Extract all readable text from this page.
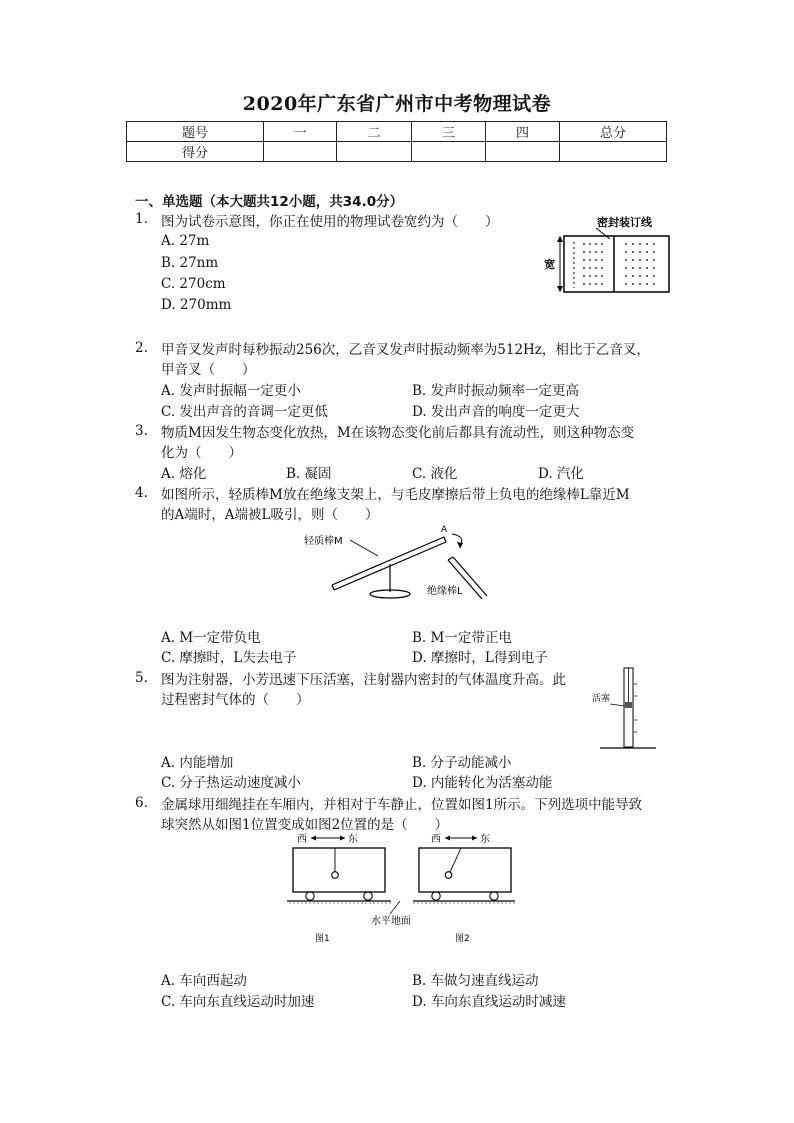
2020年广东省广州市中考物理试卷
题号	一	二	三	四	总分
得分					
一、单选题（本大题共12小题，共34.0分）
1. 图为试卷示意图，你正在使用的物理试卷宽约为（　　）
A. 27m
B. 27nm
C. 270cm
D. 270mm
密封装订线
宽
2. 甲音叉发声时每秒振动256次，乙音叉发声时振动频率为512Hz，相比于乙音叉，
甲音叉（　　）
A. 发声时振幅一定更小	B. 发声时振动频率一定更高
C. 发出声音的音调一定更低	D. 发出声音的响度一定更大
3. 物质M因发生物态变化放热，M在该物态变化前后都具有流动性，则这种物态变
化为（　　）
A. 熔化	B. 凝固	C. 液化	D. 汽化
4. 如图所示，轻质棒M放在绝缘支架上，与毛皮摩擦后带上负电的绝缘棒L靠近M
的A端时，A端被L吸引，则（　　）
轻质棒M
A
绝缘棒L
A. M一定带负电	B. M一定带正电
C. 摩擦时，L失去电子	D. 摩擦时，L得到电子
5. 图为注射器，小芳迅速下压活塞，注射器内密封的气体温度升高。此
过程密封气体的（　　）	活塞
A. 内能增加	B. 分子动能减小
C. 分子热运动速度减小	D. 内能转化为活塞动能
6. 金属球用细绳挂在车厢内，并相对于车静止，位置如图1所示。下列选项中能导致
球突然从如图1位置变成如图2位置的是（　　）
西	东	西	东
水平地面
图1	图2
A. 车向西起动	B. 车做匀速直线运动
C. 车向东直线运动时加速	D. 车向东直线运动时减速
